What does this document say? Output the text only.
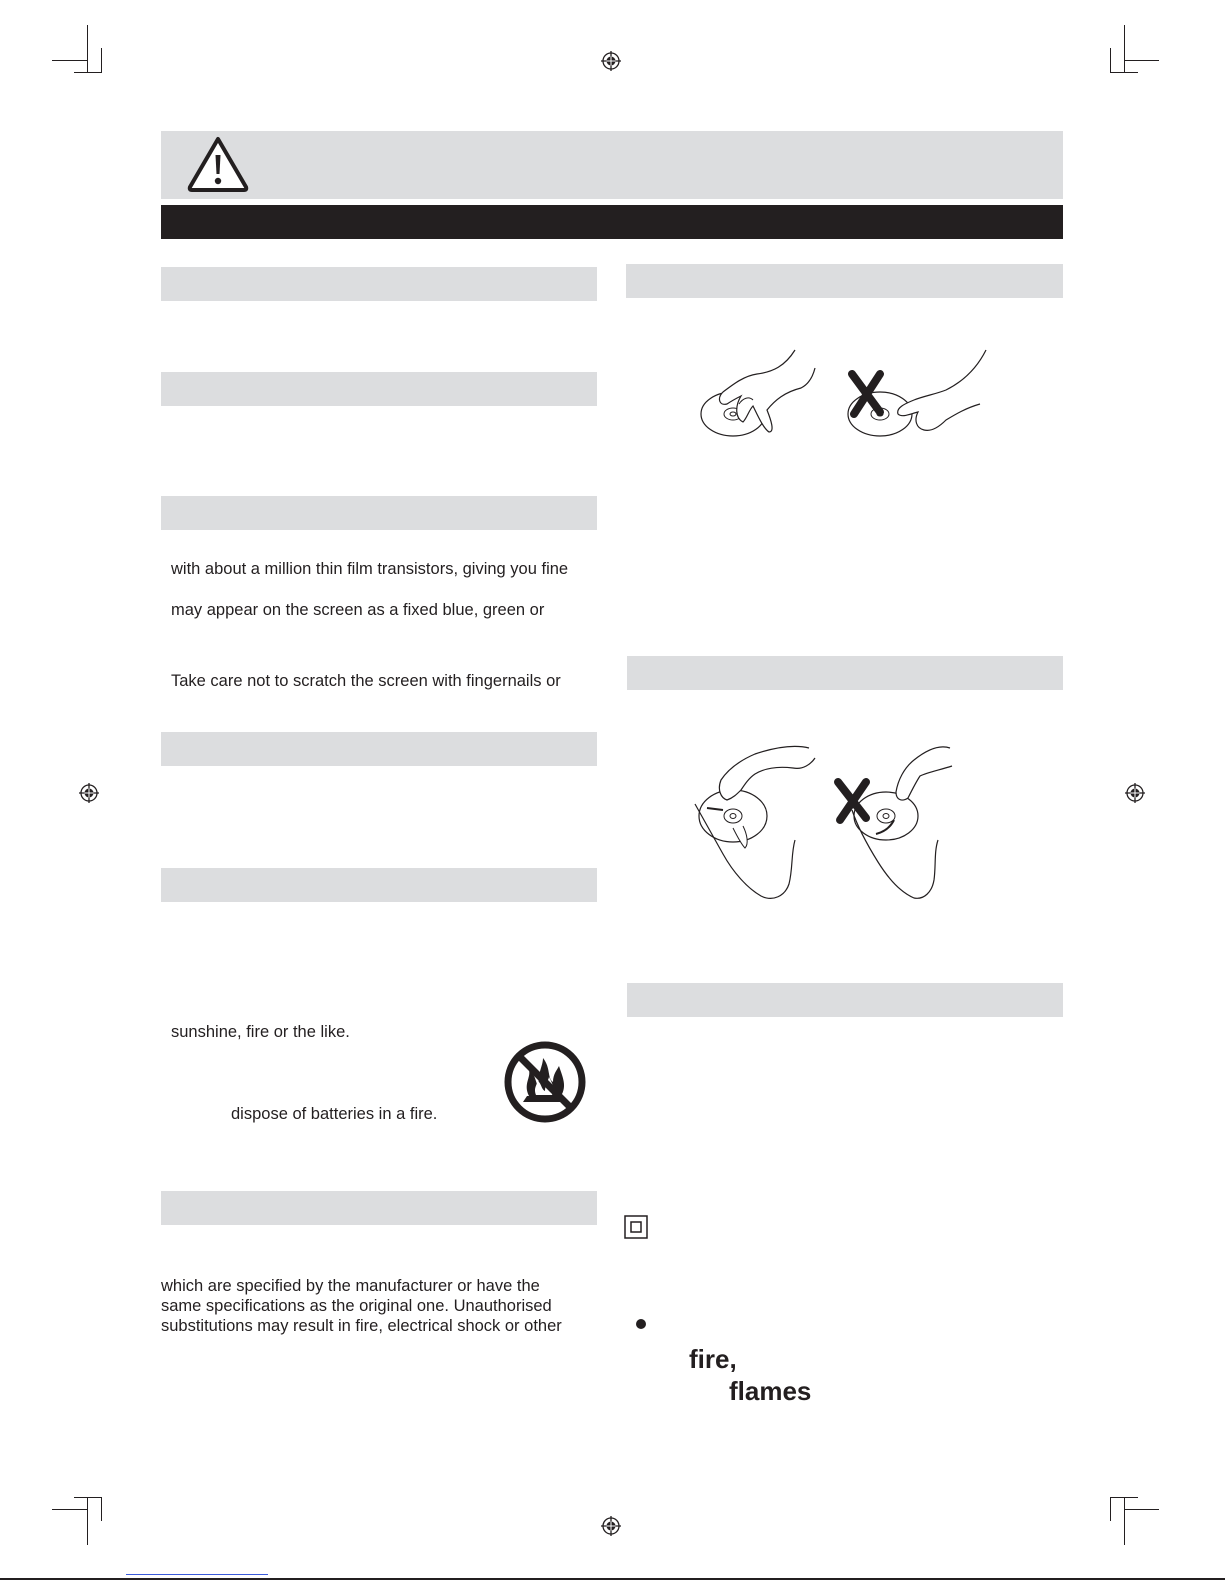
with about a million thin film transistors, giving you fine
may appear on the screen as a fixed blue, green or
Take care not to scratch the screen with fingernails or
sunshine, fire or the like.
dispose of batteries in a fire.
which are specified by the manufacturer or have the
same specifications as the original one. Unauthorised
substitutions may result in fire, electrical shock or other
fire,
flames
